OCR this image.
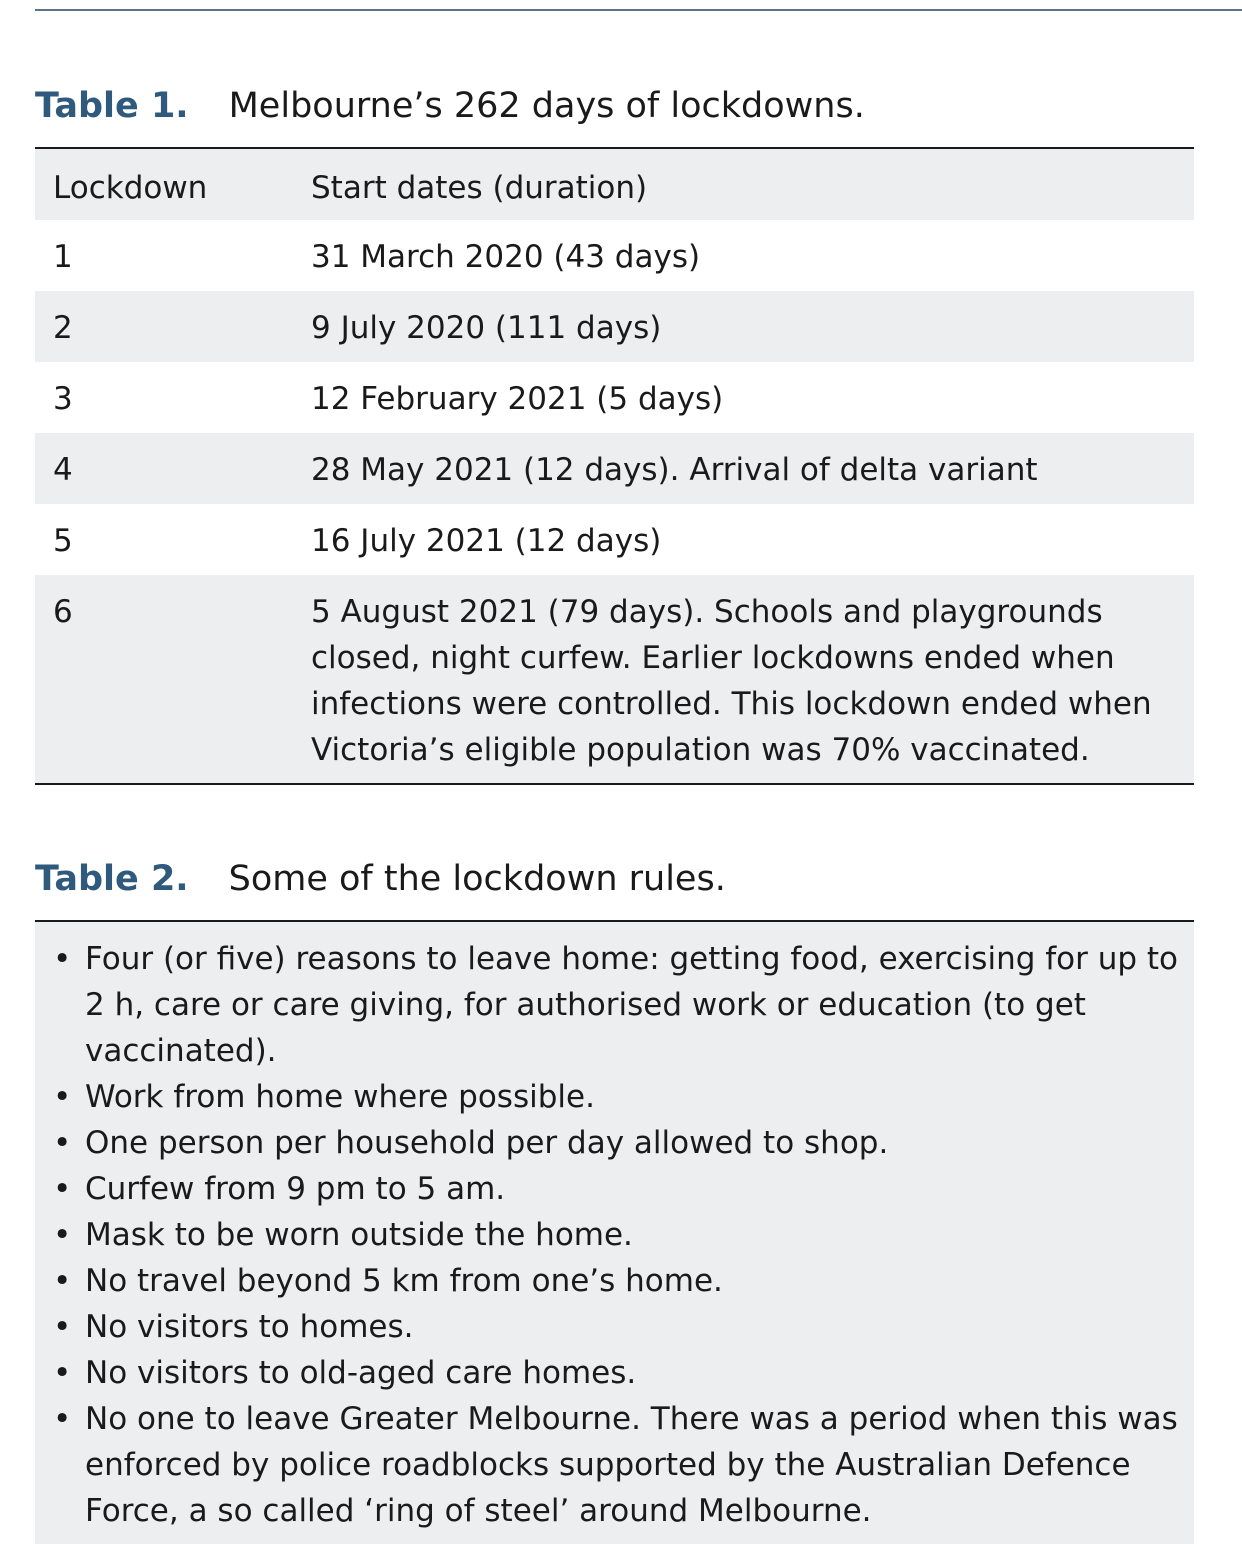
Table 1. Melbourne’s 262 days of lockdowns.
Lockdown	Start dates (duration)
1	31 March 2020 (43 days)
2	9 July 2020 (111 days)
3	12 February 2021 (5 days)
4	28 May 2021 (12 days). Arrival of delta variant
5	16 July 2021 (12 days)
6	5 August 2021 (79 days). Schools and playgrounds closed, night curfew. Earlier lockdowns ended when infections were controlled. This lockdown ended when Victoria’s eligible population was 70% vaccinated.
Table 2. Some of the lockdown rules.
• Four (or five) reasons to leave home: getting food, exercising for up to 2 h, care or care giving, for authorised work or education (to get vaccinated).
• Work from home where possible.
• One person per household per day allowed to shop.
• Curfew from 9 pm to 5 am.
• Mask to be worn outside the home.
• No travel beyond 5 km from one’s home.
• No visitors to homes.
• No visitors to old-aged care homes.
• No one to leave Greater Melbourne. There was a period when this was enforced by police roadblocks supported by the Australian Defence Force, a so called ‘ring of steel’ around Melbourne.
